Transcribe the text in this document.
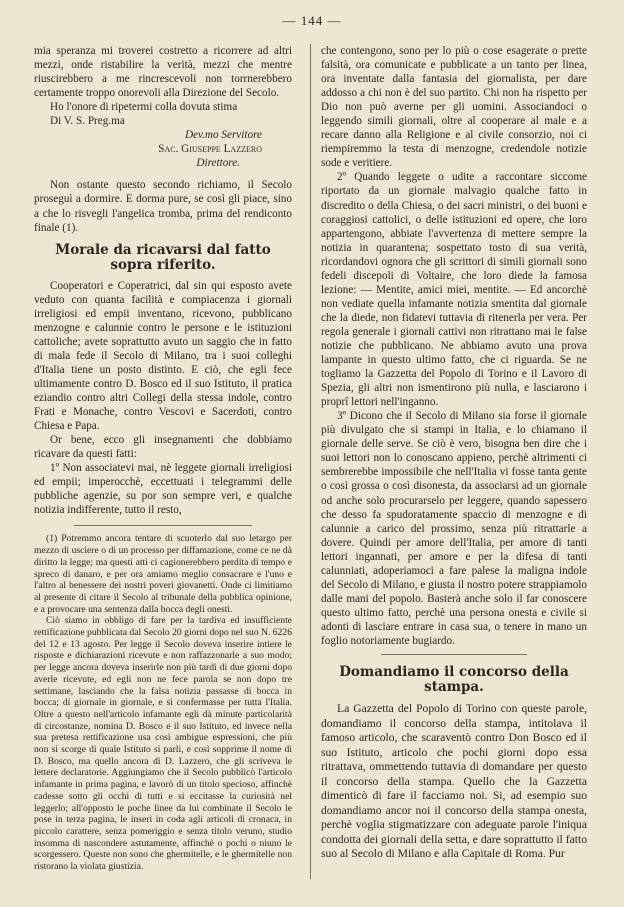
— 144 —

mia speranza mi troverei costretto a ricorrere ad altri mezzi, onde ristabilire la verità, mezzi che mentre riuscirebbero a me rincrescevoli non torrnerebbero certamente troppo onorevoli alla Direzione del Secolo.

Ho l'onore di ripetermi colla dovuta stima

Di V. S. Preg.ma

Dev.mo Servitore

Sac. Giuseppe Lazzero

Direttore.

Non ostante questo secondo richiamo, il Secolo proseguì a dormire. E dorma pure, se così gli piace, sino a che lo risvegli l'angelica tromba, prima del rendiconto finale (1).

Morale da ricavarsi dal fatto sopra riferito.

Cooperatori e Coperatrici, dal sin qui esposto avete veduto con quanta facilità e compiacenza i giornali irreligiosi ed empii inventano, ricevono, pubblicano menzogne e calunnie contro le persone e le istituzioni cattoliche; avete soprattutto avuto un saggio che in fatto di mala fede il Secolo di Milano, tra i suoi colleghi d'Italia tiene un posto distinto. E ciò, che egli fece ultimamente contro D. Bosco ed il suo Istituto, il pratica eziandio contro altri Collegi della stessa indole, contro Frati e Monache, contro Vescovi e Sacerdoti, contro Chiesa e Papa.

Or bene, ecco gli insegnamenti che dobbiamo ricavare da questi fatti:

1º Non associatevi mai, nè leggete giornali irreligiosi ed empii; imperocchè, eccettuati i telegrammi delle pubbliche agenzie, su por son sempre veri, e qualche notizia indifferente, tutto il resto,

(1) Potremmo ancora tentare di scuoterlo dal suo letargo per mezzo di usciere o di un processo per diffamazione, come ce ne dà diritto la legge; ma questi atti ci cagionerebbero perdita di tempo e spreco di danaro, e per ora amiamo meglio consacrare e l'uno e l'altro al benessere dei nostri poveri giovanetti. Onde ci limitiamo al presente di citare il Secolo al tribunale della pubblica opinione, e a provocare una sentenza dalla bocca degli onesti.

Ciò siamo in obbligo di fare per la tardiva ed insufficiente rettificazione pubblicata dal Secolo 20 giorni dopo nel suo N. 6226 del 12 e 13 agosto. Per legge il Secolo doveva inserire intiere le risposte e dichiarazioni ricevute e non raffazzonarle a suo modo; per legge ancora doveva inserirle non più tardi di due giorni dopo averle ricevute, ed egli non ne fece parola se non dopo tre settimane, lasciando che la falsa notizia passasse di bocca in bocca; di giornale in giornale, e si confermasse per tutta l'Italia. Oltre a questo nell'articolo infamante egli dà minute particolarità di circostanze, nomina D. Bosco e il suo Istituto, ed invece nella sua pretesa rettificazione usa così ambigue espressioni, che più non si scorge di quale Istituto si parli, e così sopprime il nome di D. Bosco, ma quello ancora di D. Lazzero, che gli scriveva le lettere declaratorie. Aggiungiamo che il Secolo pubblicò l'articolo infamante in prima pagina, e lavorò di un titolo specioso, affinchè cadesse sotto gli occhi di tutti e si eccitasse la curiosità nel leggerlo; all'opposto le poche linee da lui combinate il Secolo le pose in terza pagina, le inserì in coda agli articoli di cronaca, in piccolo carattere, senza pomeriggio e senza titolo veruno, studio insomma di nascondere astutamente, affinchè o pochi o niuno le scorgessero. Queste non sono che ghermitelle, e le ghermitelle non ristorano la violata giustizia.

che contengono, sono per lo più o cose esagerate o prette falsità, ora comunicate e pubblicate a un tanto per linea, ora inventate dalla fantasia del giornalista, per dare addosso a chi non è del suo partito. Chi non ha rispetto per Dio non può averne per gli uomini. Associandoci o leggendo simili giornali, oltre al cooperare al male e a recare danno alla Religione e al civile consorzio, noi ci riempiremmo la testa di menzogne, credendole notizie sode e veritiere.

2º Quando leggete o udite a raccontare siccome riportato da un giornale malvagio qualche fatto in discredito o della Chiesa, o dei sacri ministri, o dei buoni e coraggiosi cattolici, o delle istituzioni ed opere, che loro appartengono, abbiate l'avvertenza di mettere sempre la notizia in quarantena; sospettato tosto di sua verità, ricordandovi ognora che gli scrittori di simili giornali sono fedeli discepoli di Voltaire, che loro diede la famosa lezione: — Mentite, amici miei, mentite. — Ed ancorchè non vediate quella infamante notizia smentita dal giornale che la diede, non fidatevi tuttavia di ritenerla per vera. Per regola generale i giornali cattivi non ritrattano mai le false notizie che pubblicano. Ne abbiamo avuto una prova lampante in questo ultimo fatto, che ci riguarda. Se ne togliamo la Gazzetta del Popolo di Torino e il Lavoro di Spezia, gli altri non ismentirono più nulla, e lasciarono i proprî lettori nell'inganno.

3º Dicono che il Secolo di Milano sia forse il giornale più divulgato che si stampi in Italia, e lo chiamano il giornale delle serve. Se ciò è vero, bisogna ben dire che i suoi lettori non lo conoscano appieno, perchè altrimenti ci sembrerebbe impossibile che nell'Italia vi fosse tanta gente o così grossa o così disonesta, da associarsi ad un giornale od anche solo procurarselo per leggere, quando sapessero che desso fa spudoratamente spaccio di menzogne e di calunnie a carico del prossimo, senza più ritrattarle a dovere. Quindi per amore dell'Italia, per amore di tanti lettori ingannati, per amore e per la difesa di tanti calunniati, adoperiamoci a fare palese la maligna indole del Secolo di Milano, e giusta il nostro potere strappiamolo dalle mani del popolo. Basterà anche solo il far conoscere questo ultimo fatto, perchè una persona onesta e civile si adonti di lasciare entrare in casa sua, o tenere in mano un foglio notoriamente bugiardo.

Domandiamo il concorso della stampa.

La Gazzetta del Popolo di Torino con queste parole, domandiamo il concorso della stampa, intitolava il famoso articolo, che scaraventò contro Don Bosco ed il suo Istituto, articolo che pochi giorni dopo essa ritrattava, ommettendo tuttavia di domandare per questo il concorso della stampa. Quello che la Gazzetta dimenticò di fare il facciamo noi. Si, ad esempio suo domandiamo ancor noi il concorso della stampa onesta, perchè voglia stigmatizzare con adeguate parole l'iniqua condotta dei giornali della setta, e dare soprattutto il fatto suo al Secolo di Milano e alla Capitale di Roma. Pur
